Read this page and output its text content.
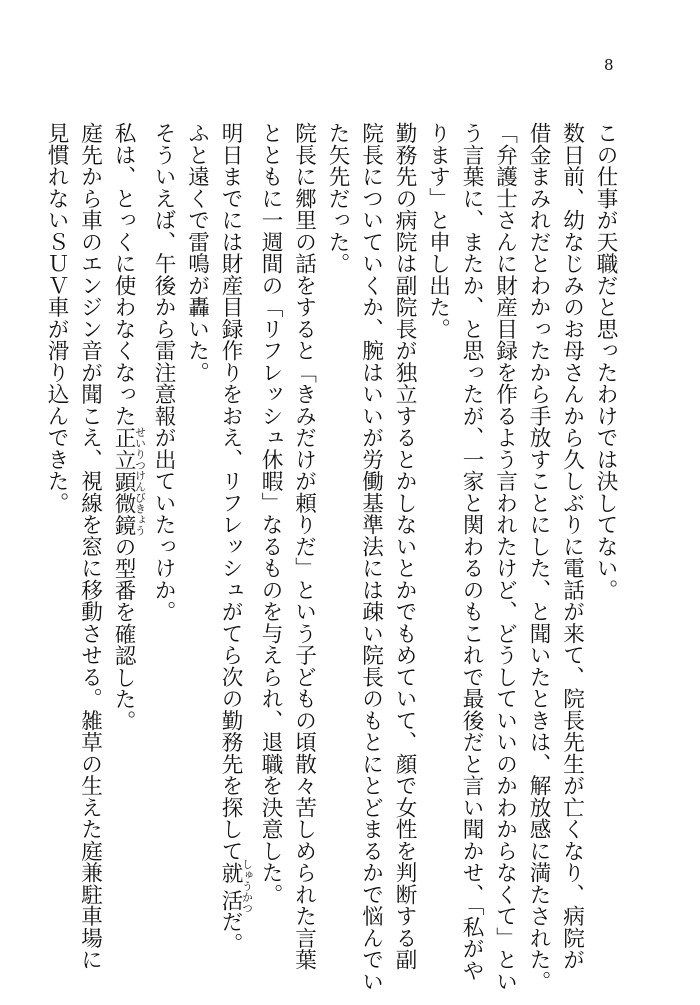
8
この仕事が天職だと思ったわけでは決してない。
数日前、幼なじみのお母さんから久しぶりに電話が来て、院長先生が亡くなり、病院が
借金まみれだとわかったから手放すことにした、と聞いたときは、解放感に満たされた。
「弁護士さんに財産目録を作るよう言われたけど、どうしていいのかわからなくて」とい
う言葉に、またか、と思ったが、一家と関わるのもこれで最後だと言い聞かせ、「私がや
ります」と申し出た。
勤務先の病院は副院長が独立するとかしないとかでもめていて、顔で女性を判断する副
院長についていくか、腕はいいが労働基準法には疎い院長のもとにとどまるかで悩んでい
た矢先だった。
院長に郷里の話をすると「きみだけが頼りだ」という子どもの頃散々苦しめられた言葉
とともに一週間の「リフレッシュ休暇」なるものを与えられ、退職を決意した。
明日までには財産目録作りをおえ、リフレッシュがてら次の勤務先を探して就活しゅうかつだ。
ふと遠くで雷鳴が轟いた。
そういえば、午後から雷注意報が出ていたっけか。
私は、とっくに使わなくなった正立顕微鏡せいりつけんびきょうの型番を確認した。
庭先から車のエンジン音が聞こえ、視線を窓に移動させる。雑草の生えた庭兼駐車場に
見慣れないＳＵＶ車が滑り込んできた。
